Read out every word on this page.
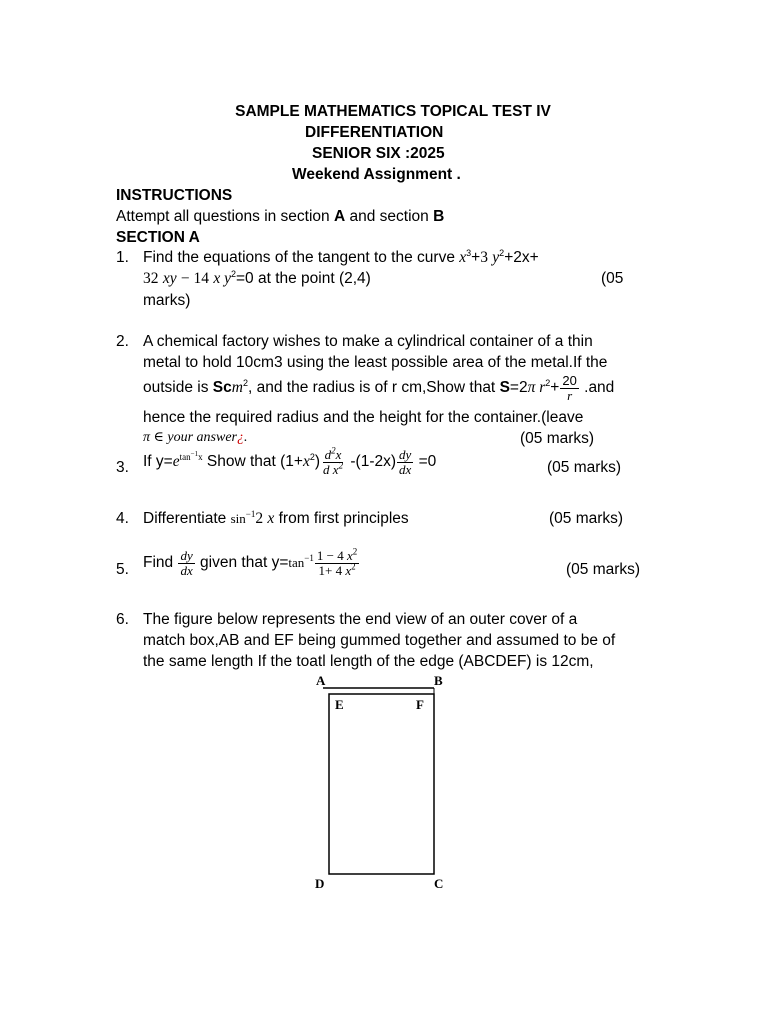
SAMPLE MATHEMATICS TOPICAL TEST IV
DIFFERENTIATION
SENIOR SIX :2025
Weekend Assignment .
INSTRUCTIONS
Attempt all questions in section A and section B
SECTION A
1. Find the equations of the tangent to the curve $x^3+3$ $y^2+2x+$
32 xy − 14 x $y^2=0$ at the point (2,4)	(05
marks)
2. A chemical factory wishes to make a cylindrical container of a thin
metal to hold 10cm3 using the least possible area of the metal.If the
outside is Scm$^2$, and the radius is of r cm,Show that S=2π $r^2+ \frac{20}{r} .and$
hence the required radius and the height for the container.(leave
π ∈ your answer¿.	(05 marks)
3. If $y=e^{tan^{-1}x}$ Show that $(1+x^2) \frac{d^2x}{d x^2} -(1-2x) \frac{dy}{dx} =0$	(05 marks)
4. Differentiate $\sin^{-1}2$ x from first principles	(05 marks)
5. Find $\frac{dy}{dx}$ given that $y=\tan^{-1} \frac{1 - 4 x^2}{1+ 4 x^2}$	(05 marks)
6. The figure below represents the end view of an outer cover of a
match box,AB and EF being gummed together and assumed to be of
the same length If the toatl length of the edge (ABCDEF) is 12cm,
A	B
E	F
D	C
